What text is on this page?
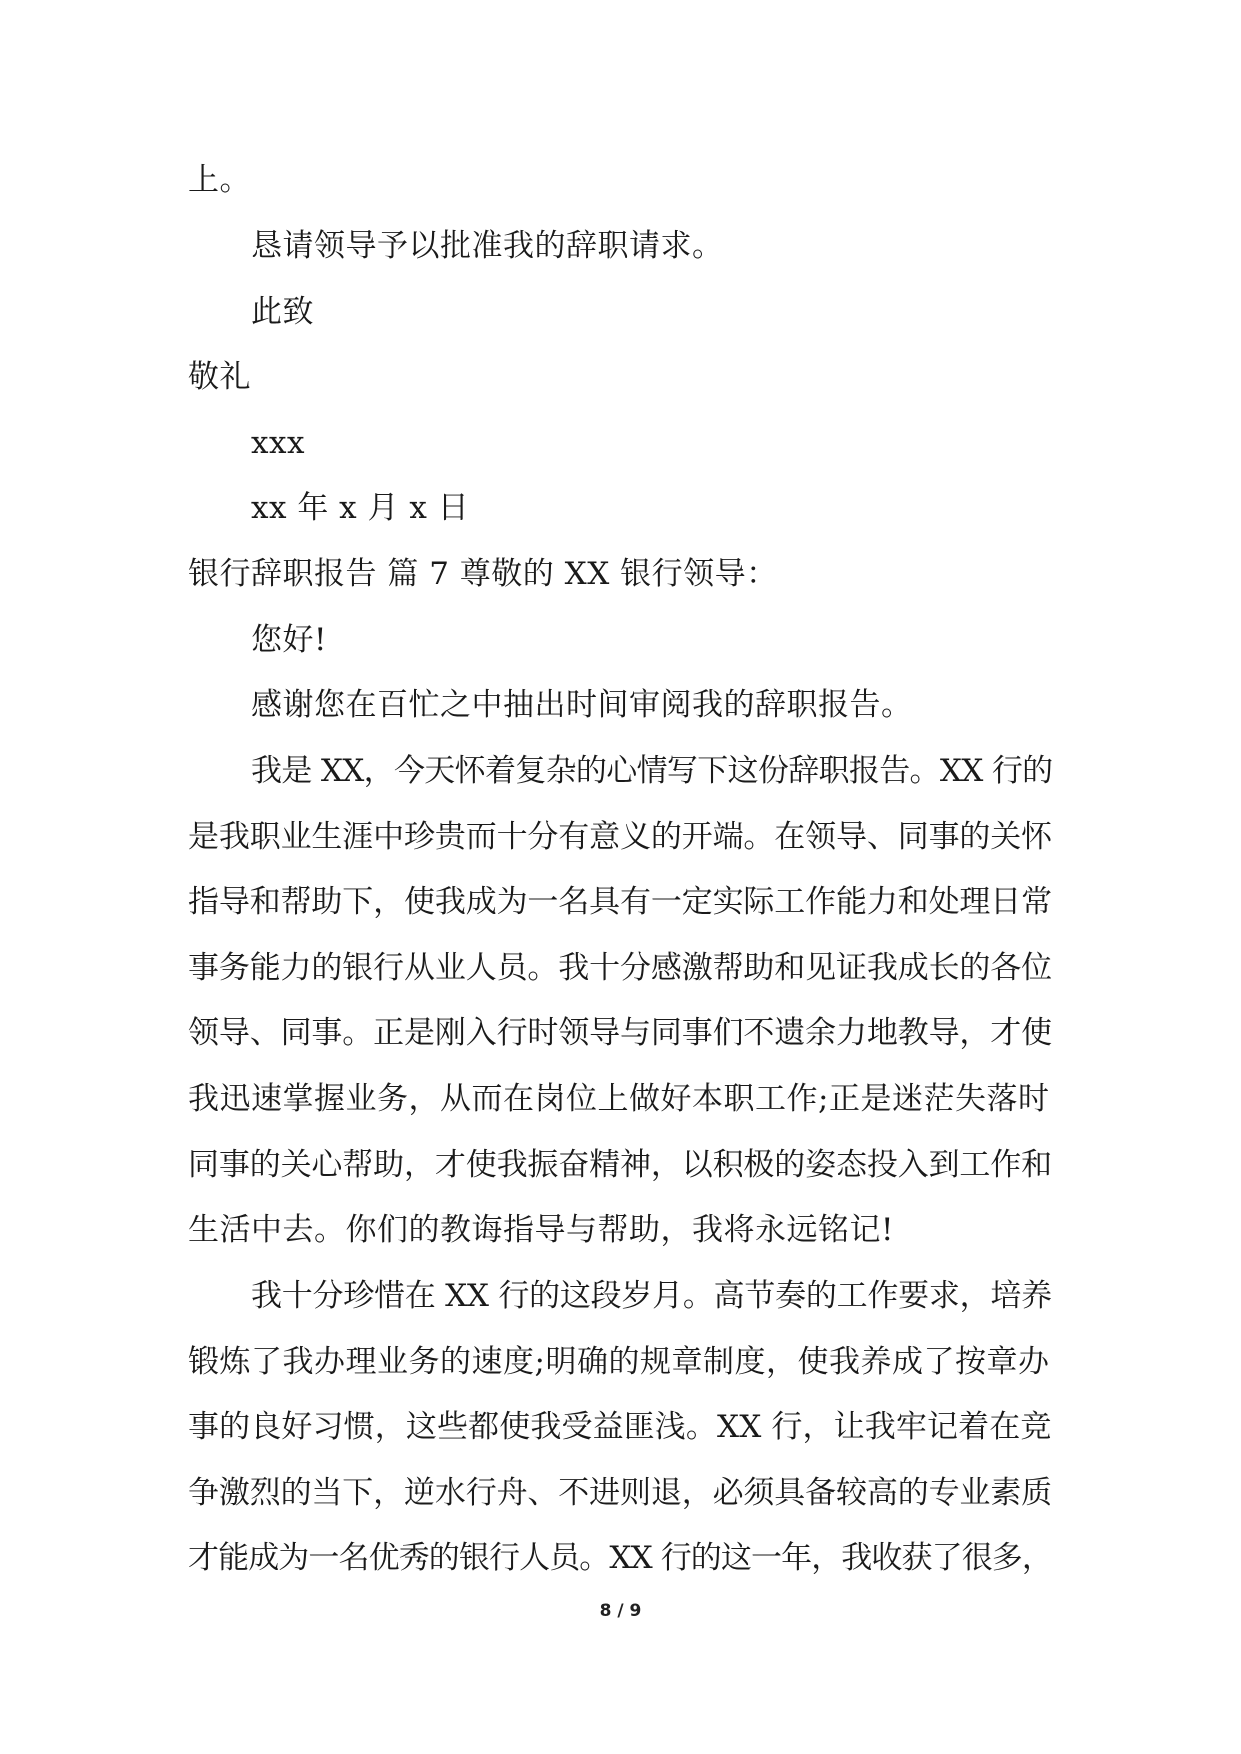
上。
恳请领导予以批准我的辞职请求。
此致
敬礼
xxx
xx 年 x 月 x 日
银行辞职报告 篇 7 尊敬的 XX 银行领导：
您好!
感谢您在百忙之中抽出时间审阅我的辞职报告。
我是 XX，今天怀着复杂的心情写下这份辞职报告。XX 行的
是我职业生涯中珍贵而十分有意义的开端。在领导、同事的关怀
指导和帮助下，使我成为一名具有一定实际工作能力和处理日常
事务能力的银行从业人员。我十分感激帮助和见证我成长的各位
领导、同事。正是刚入行时领导与同事们不遗余力地教导，才使
我迅速掌握业务，从而在岗位上做好本职工作;正是迷茫失落时
同事的关心帮助，才使我振奋精神，以积极的姿态投入到工作和
生活中去。你们的教诲指导与帮助，我将永远铭记!
我十分珍惜在 XX 行的这段岁月。高节奏的工作要求，培养
锻炼了我办理业务的速度;明确的规章制度，使我养成了按章办
事的良好习惯，这些都使我受益匪浅。XX 行，让我牢记着在竞
争激烈的当下，逆水行舟、不进则退，必须具备较高的专业素质
才能成为一名优秀的银行人员。XX 行的这一年，我收获了很多，
8 / 9
